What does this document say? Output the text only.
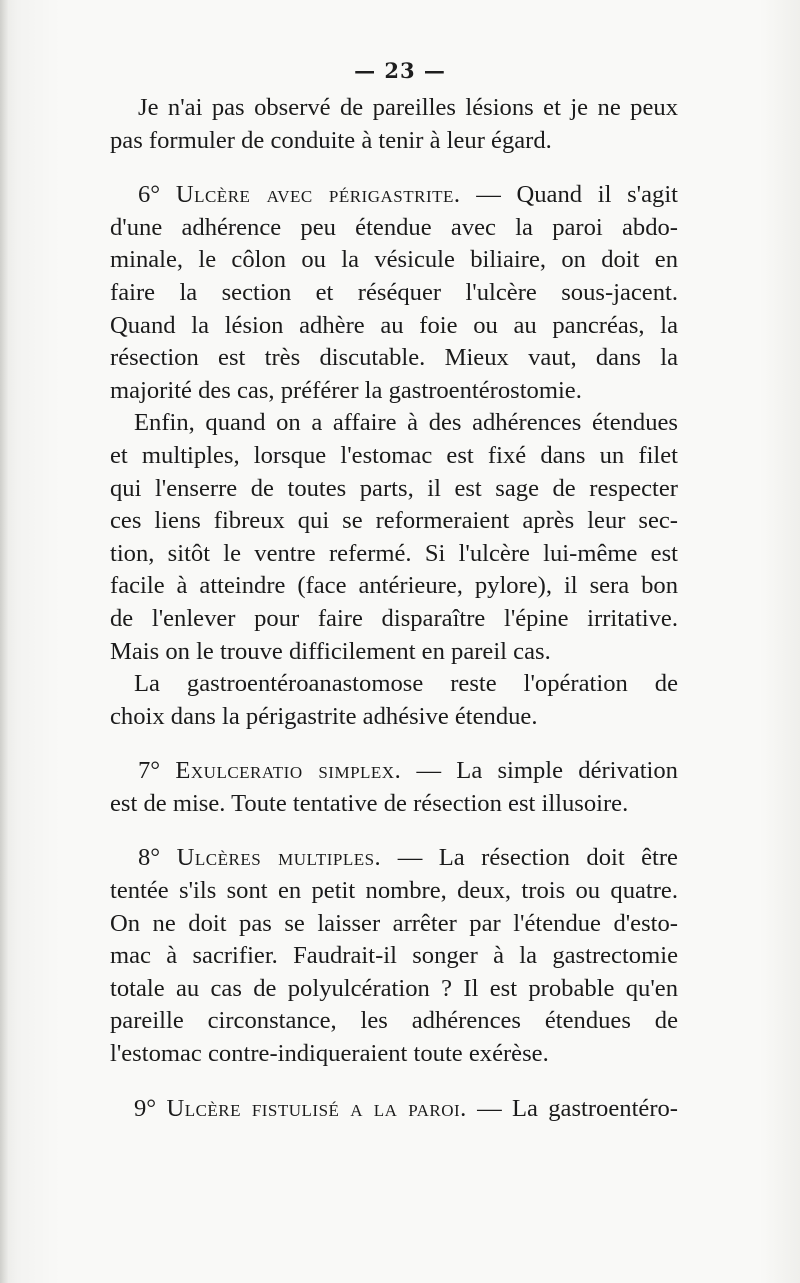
— 23 —
Je n'ai pas observé de pareilles lésions et je ne peux
pas formuler de conduite à tenir à leur égard.
6° Ulcère avec périgastrite. — Quand il s'agit
d'une adhérence peu étendue avec la paroi abdo-
minale, le côlon ou la vésicule biliaire, on doit en
faire la section et réséquer l'ulcère sous-jacent.
Quand la lésion adhère au foie ou au pancréas, la
résection est très discutable. Mieux vaut, dans la
majorité des cas, préférer la gastroentérostomie.
Enfin, quand on a affaire à des adhérences étendues
et multiples, lorsque l'estomac est fixé dans un filet
qui l'enserre de toutes parts, il est sage de respecter
ces liens fibreux qui se reformeraient après leur sec-
tion, sitôt le ventre refermé. Si l'ulcère lui-même est
facile à atteindre (face antérieure, pylore), il sera bon
de l'enlever pour faire disparaître l'épine irritative.
Mais on le trouve difficilement en pareil cas.
La gastroentéroanastomose reste l'opération de
choix dans la périgastrite adhésive étendue.
7° Exulceratio simplex. — La simple dérivation
est de mise. Toute tentative de résection est illusoire.
8° Ulcères multiples. — La résection doit être
tentée s'ils sont en petit nombre, deux, trois ou quatre.
On ne doit pas se laisser arrêter par l'étendue d'esto-
mac à sacrifier. Faudrait-il songer à la gastrectomie
totale au cas de polyulcération ? Il est probable qu'en
pareille circonstance, les adhérences étendues de
l'estomac contre-indiqueraient toute exérèse.
9° Ulcère fistulisé a la paroi. — La gastroentéro-
